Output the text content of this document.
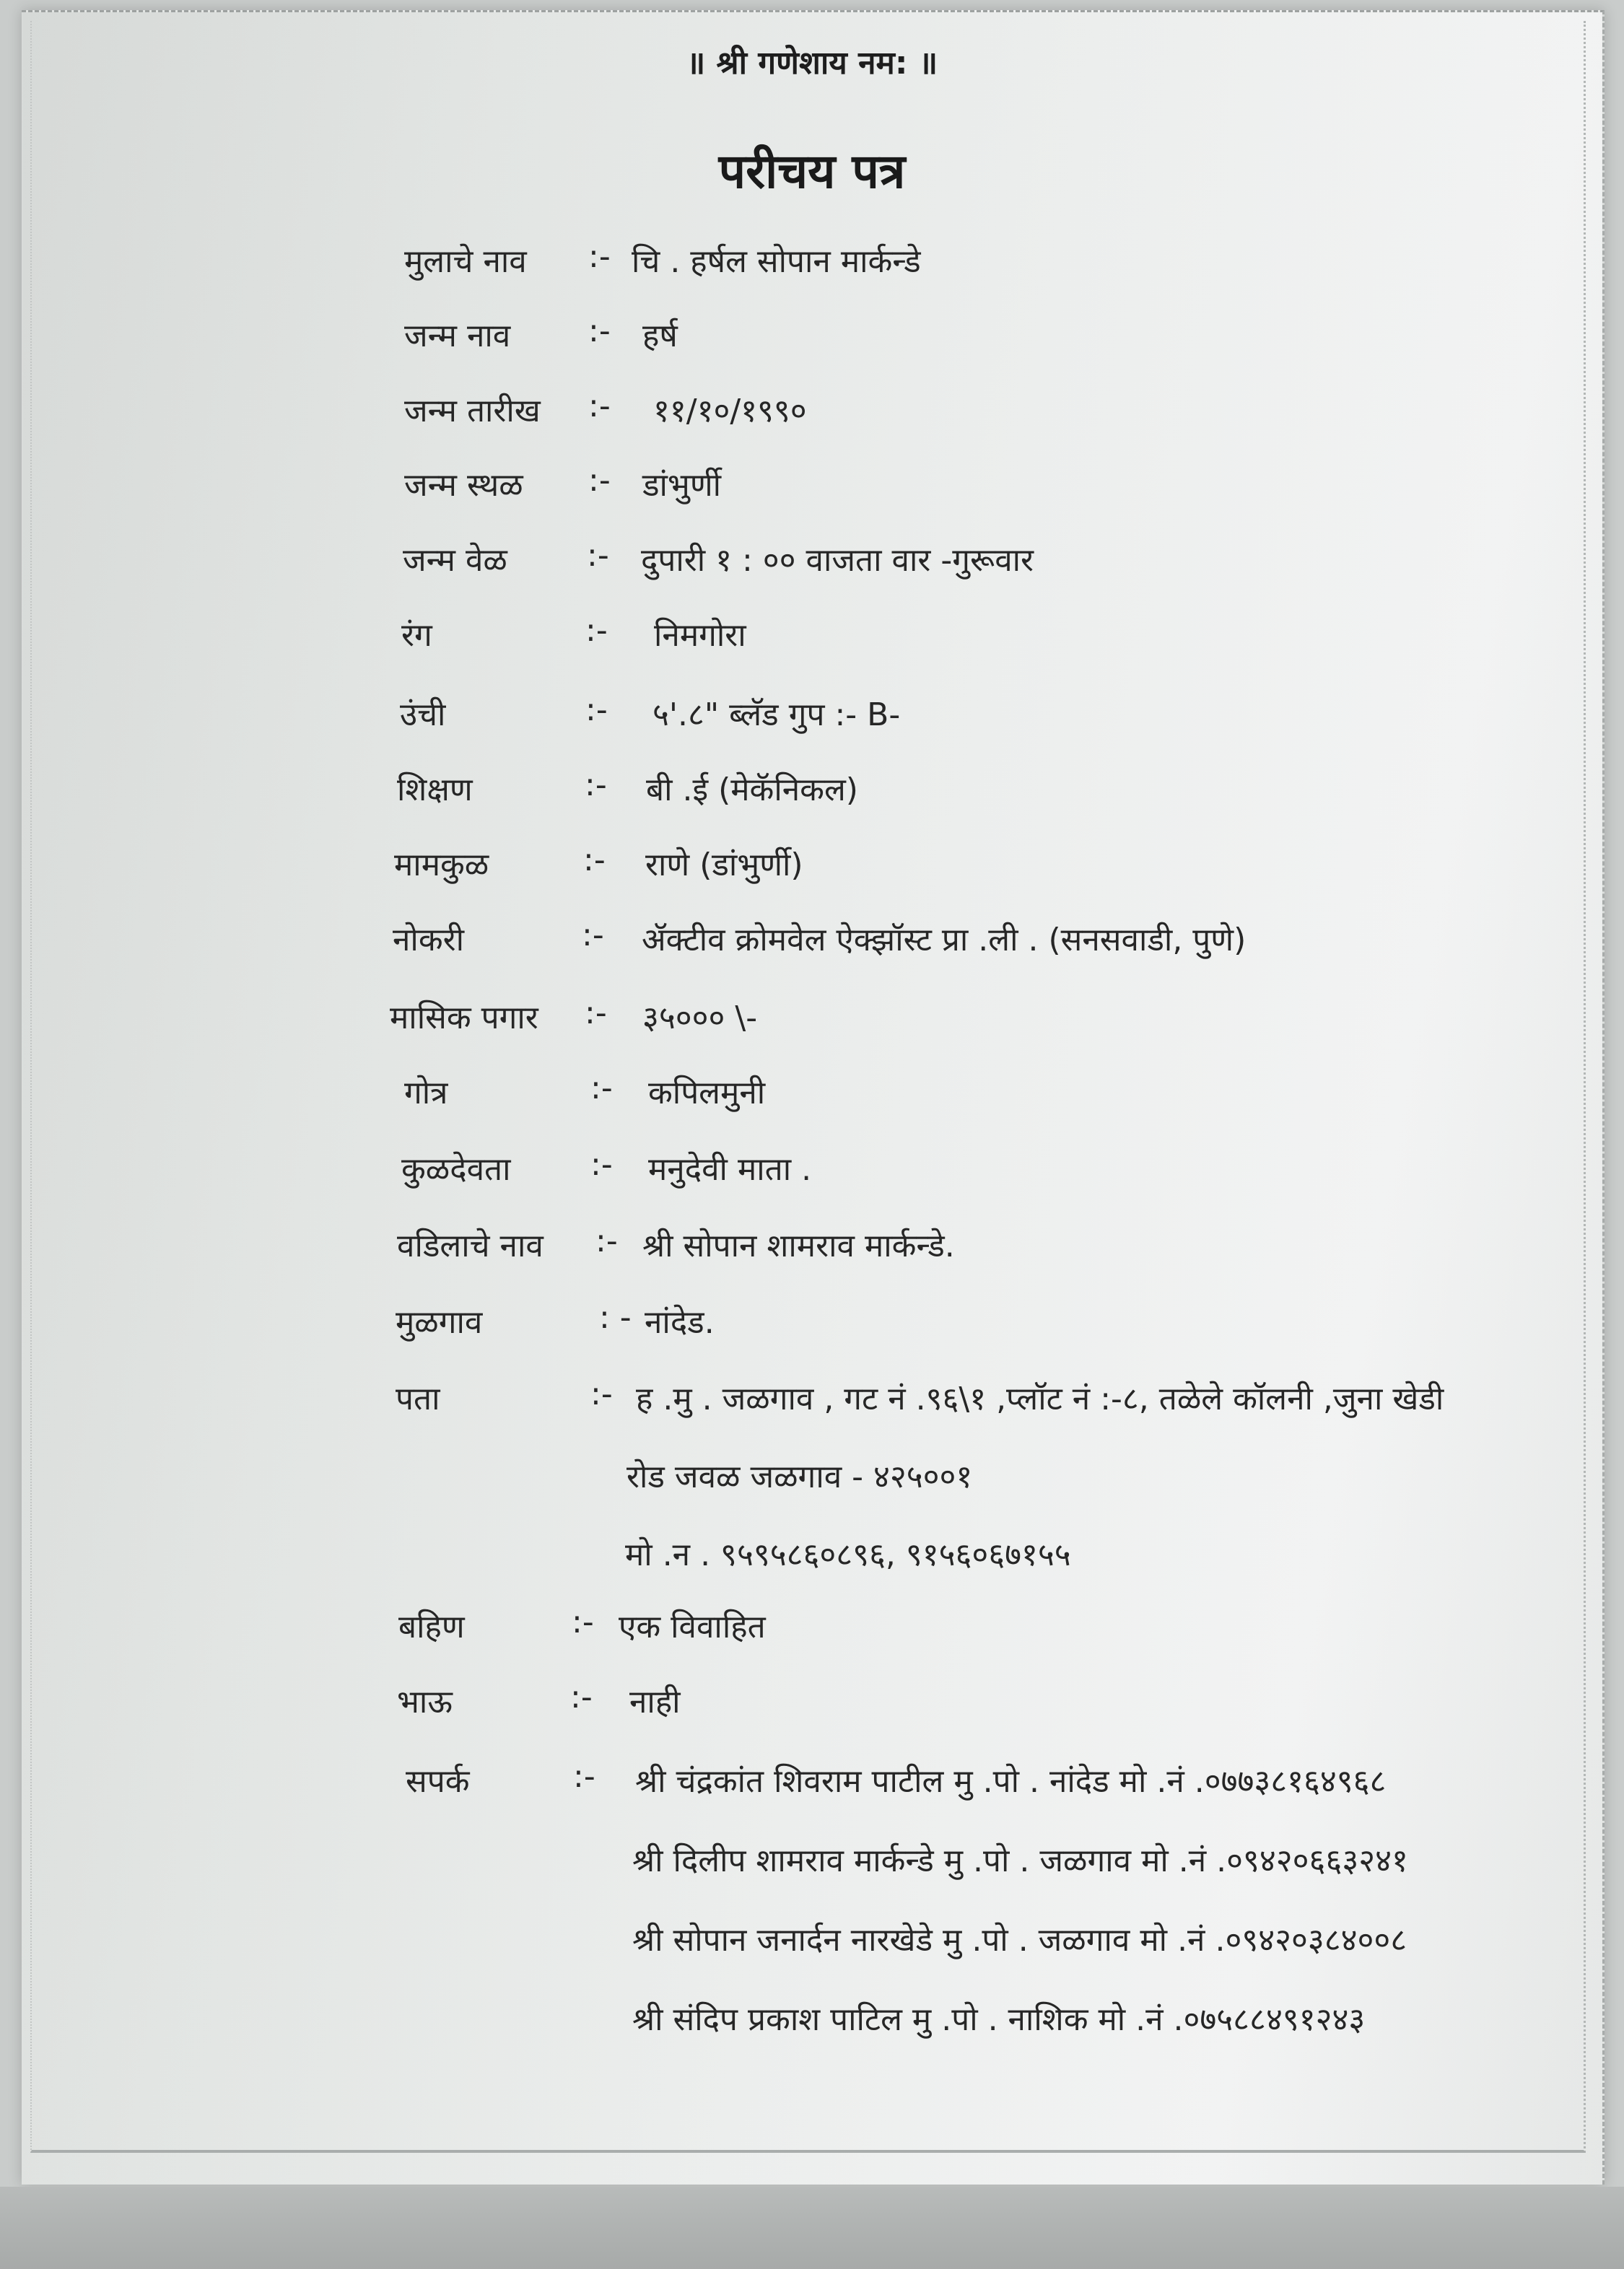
॥ श्री गणेशाय नम: ॥
परीचय पत्र
मुलाचे नाव :- चि . हर्षल सोपान मार्कन्डे
जन्म नाव :- हर्ष
जन्म तारीख :- ११/१०/१९९०
जन्म स्थळ :- डांभुर्णी
जन्म वेळ	:- दुपारी १ : ०० वाजता वार -गुरूवार
रंग	:- निमगोरा
उंची	:- ५'.८" ब्लॅड गुप :- B-
शिक्षण	:- बी .ई (मेकॅनिकल)
मामकुळ	:- राणे (डांभुर्णी)
नोकरी	:- ॲक्टीव क्रोमवेल ऐक्झॉस्ट प्रा .ली . (सनसवाडी, पुणे)
मासिक पगार :- ३५००० \-
गोत्र	:- कपिलमुनी
कुळदेवता	:- मनुदेवी माता .
वडिलाचे नाव :- श्री सोपान शामराव मार्कन्डे.
मुळगाव	: - नांदेड.
पता	:- ह .मु . जळगाव , गट नं .९६\१ ,प्लॉट नं :-८, तळेले कॉलनी ,जुना खेडी
रोड जवळ जळगाव - ४२५००१
मो .न . ९५९५८६०८९६, ९१५६०६७१५५
बहिण	:- एक विवाहित
भाऊ	:- नाही
सपर्क	:- श्री चंद्रकांत शिवराम पाटील मु .पो . नांदेड मो .नं .०७७३८१६४९६८
श्री दिलीप शामराव मार्कन्डे मु .पो . जळगाव मो .नं .०९४२०६६३२४१
श्री सोपान जनार्दन नारखेडे मु .पो . जळगाव मो .नं .०९४२०३८४००८
श्री संदिप प्रकाश पाटिल मु .पो . नाशिक मो .नं .०७५८८४९१२४३
